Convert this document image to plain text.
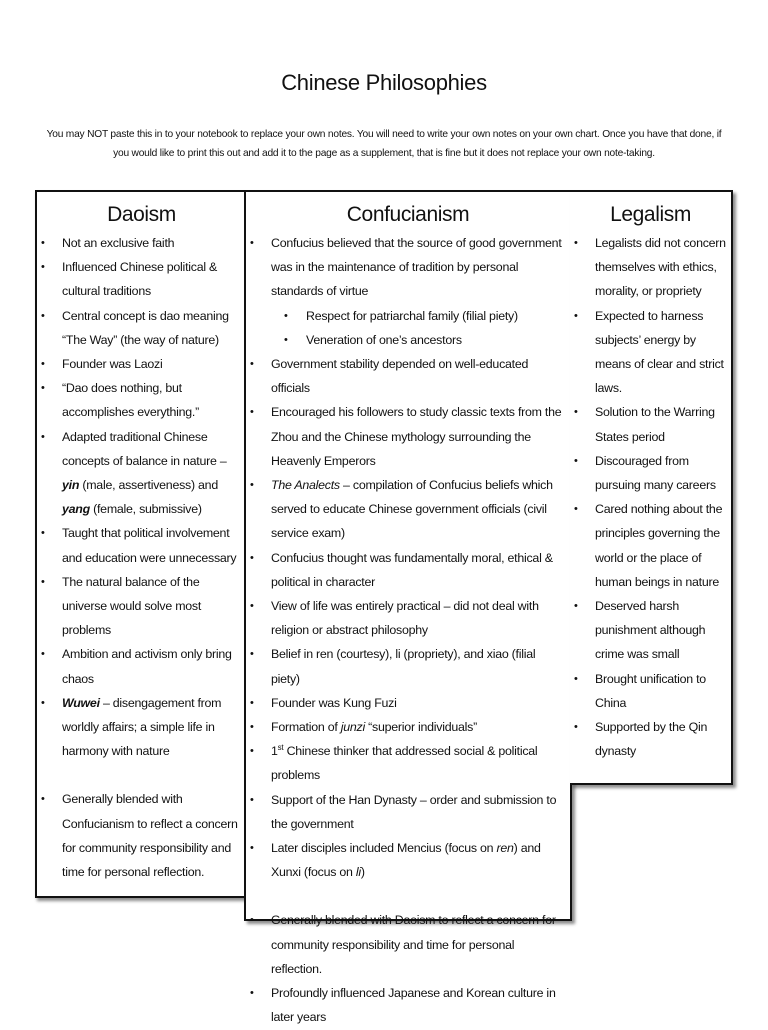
Chinese Philosophies
You may NOT paste this in to your notebook to replace your own notes. You will need to write your own notes on your own chart. Once you have that done, if you would like to print this out and add it to the page as a supplement, that is fine but it does not replace your own note-taking.
Daoism
• Not an exclusive faith
• Influenced Chinese political & cultural traditions
• Central concept is dao meaning “The Way” (the way of nature)
• Founder was Laozi
• “Dao does nothing, but accomplishes everything.”
• Adapted traditional Chinese concepts of balance in nature – yin (male, assertiveness) and yang (female, submissive)
• Taught that political involvement and education were unnecessary
• The natural balance of the universe would solve most problems
• Ambition and activism only bring chaos
• Wuwei – disengagement from worldly affairs; a simple life in harmony with nature
• Generally blended with Confucianism to reflect a concern for community responsibility and time for personal reflection.
Confucianism
• Confucius believed that the source of good government was in the maintenance of tradition by personal standards of virtue
• Respect for patriarchal family (filial piety)
• Veneration of one’s ancestors
• Government stability depended on well-educated officials
• Encouraged his followers to study classic texts from the Zhou and the Chinese mythology surrounding the Heavenly Emperors
• The Analects – compilation of Confucius beliefs which served to educate Chinese government officials (civil service exam)
• Confucius thought was fundamentally moral, ethical & political in character
• View of life was entirely practical – did not deal with religion or abstract philosophy
• Belief in ren (courtesy), li (propriety), and xiao (filial piety)
• Founder was Kung Fuzi
• Formation of junzi “superior individuals”
• 1st Chinese thinker that addressed social & political problems
• Support of the Han Dynasty – order and submission to the government
• Later disciples included Mencius (focus on ren) and Xunxi (focus on li)
• Generally blended with Daoism to reflect a concern for community responsibility and time for personal reflection.
• Profoundly influenced Japanese and Korean culture in later years
Legalism
• Legalists did not concern themselves with ethics, morality, or propriety
• Expected to harness subjects’ energy by means of clear and strict laws.
• Solution to the Warring States period
• Discouraged from pursuing many careers
• Cared nothing about the principles governing the world or the place of human beings in nature
• Deserved harsh punishment although crime was small
• Brought unification to China
• Supported by the Qin dynasty
